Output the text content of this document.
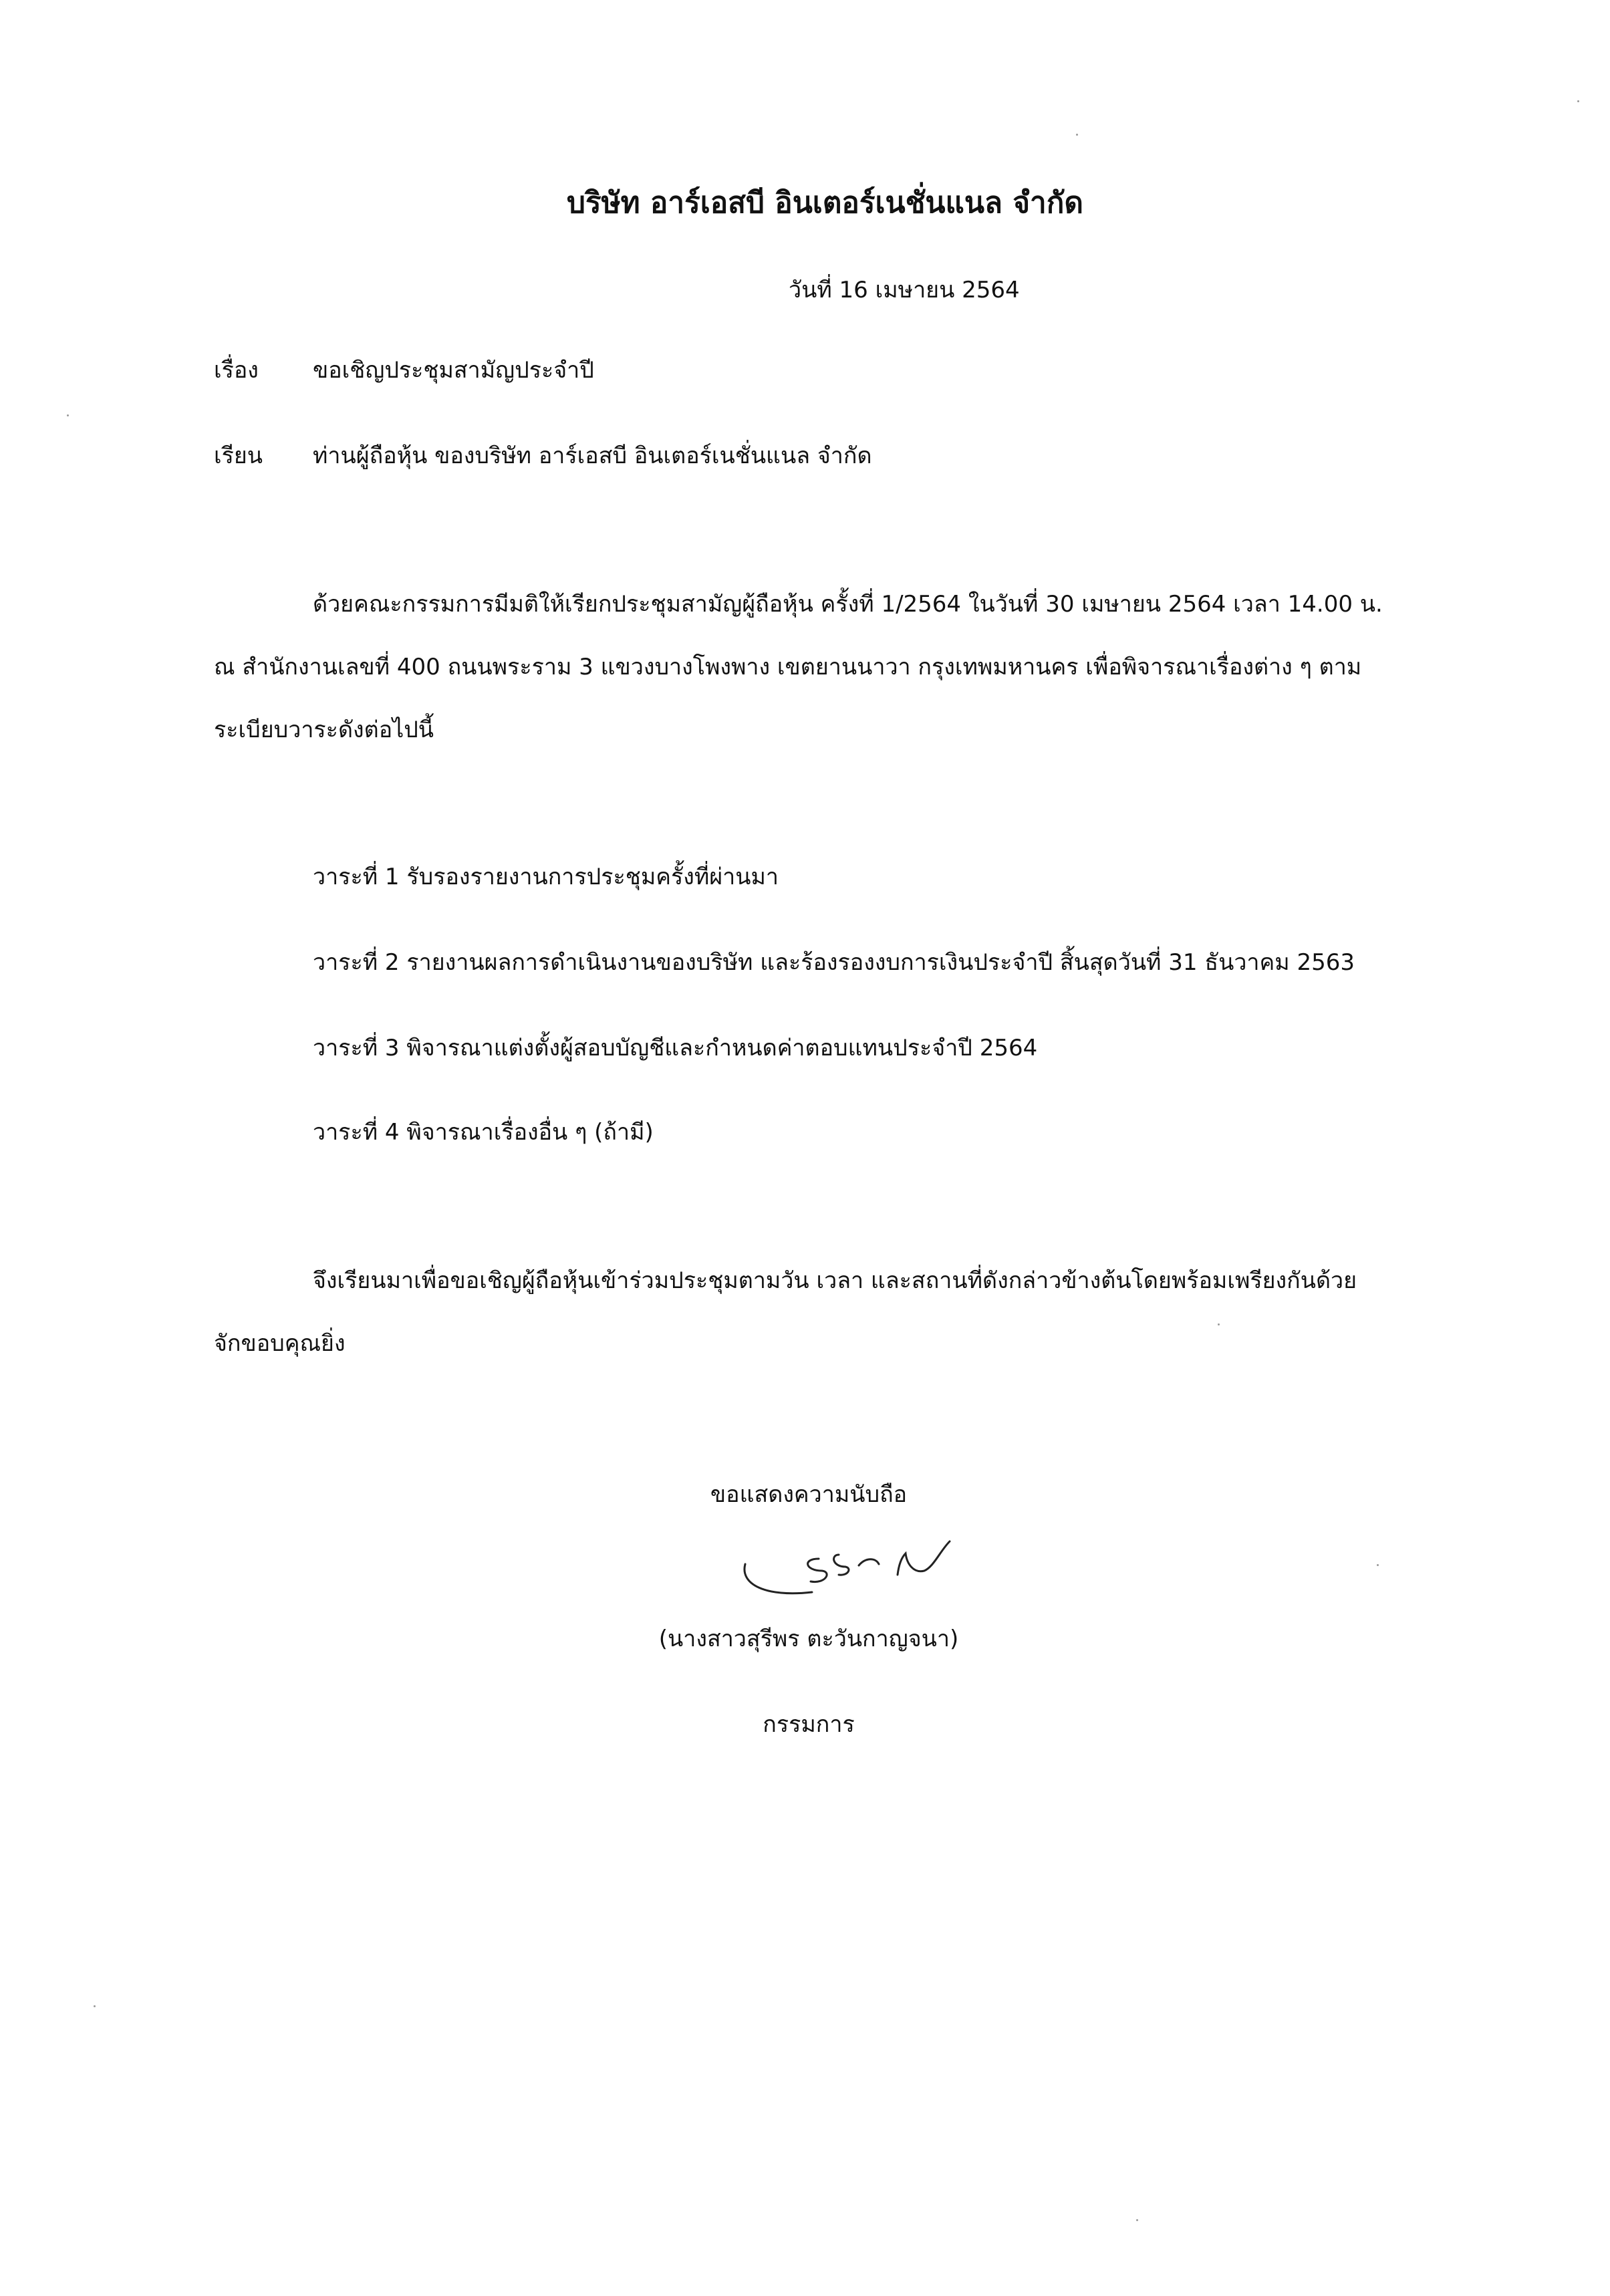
บริษัท อาร์เอสบี อินเตอร์เนชั่นแนล จำกัด
วันที่ 16 เมษายน 2564
เรื่อง ขอเชิญประชุมสามัญประจำปี
เรียน ท่านผู้ถือหุ้น ของบริษัท อาร์เอสบี อินเตอร์เนชั่นแนล จำกัด
ด้วยคณะกรรมการมีมติให้เรียกประชุมสามัญผู้ถือหุ้น ครั้งที่ 1/2564 ในวันที่ 30 เมษายน 2564 เวลา 14.00 น.
ณ สำนักงานเลขที่ 400 ถนนพระราม 3 แขวงบางโพงพาง เขตยานนาวา กรุงเทพมหานคร เพื่อพิจารณาเรื่องต่าง ๆ ตาม
ระเบียบวาระดังต่อไปนี้
วาระที่ 1 รับรองรายงานการประชุมครั้งที่ผ่านมา
วาระที่ 2 รายงานผลการดำเนินงานของบริษัท และร้องรองงบการเงินประจำปี สิ้นสุดวันที่ 31 ธันวาคม 2563
วาระที่ 3 พิจารณาแต่งตั้งผู้สอบบัญชีและกำหนดค่าตอบแทนประจำปี 2564
วาระที่ 4 พิจารณาเรื่องอื่น ๆ (ถ้ามี)
จึงเรียนมาเพื่อขอเชิญผู้ถือหุ้นเข้าร่วมประชุมตามวัน เวลา และสถานที่ดังกล่าวข้างต้นโดยพร้อมเพรียงกันด้วย
จักขอบคุณยิ่ง
ขอแสดงความนับถือ
(นางสาวสุรีพร ตะวันกาญจนา)
กรรมการ
